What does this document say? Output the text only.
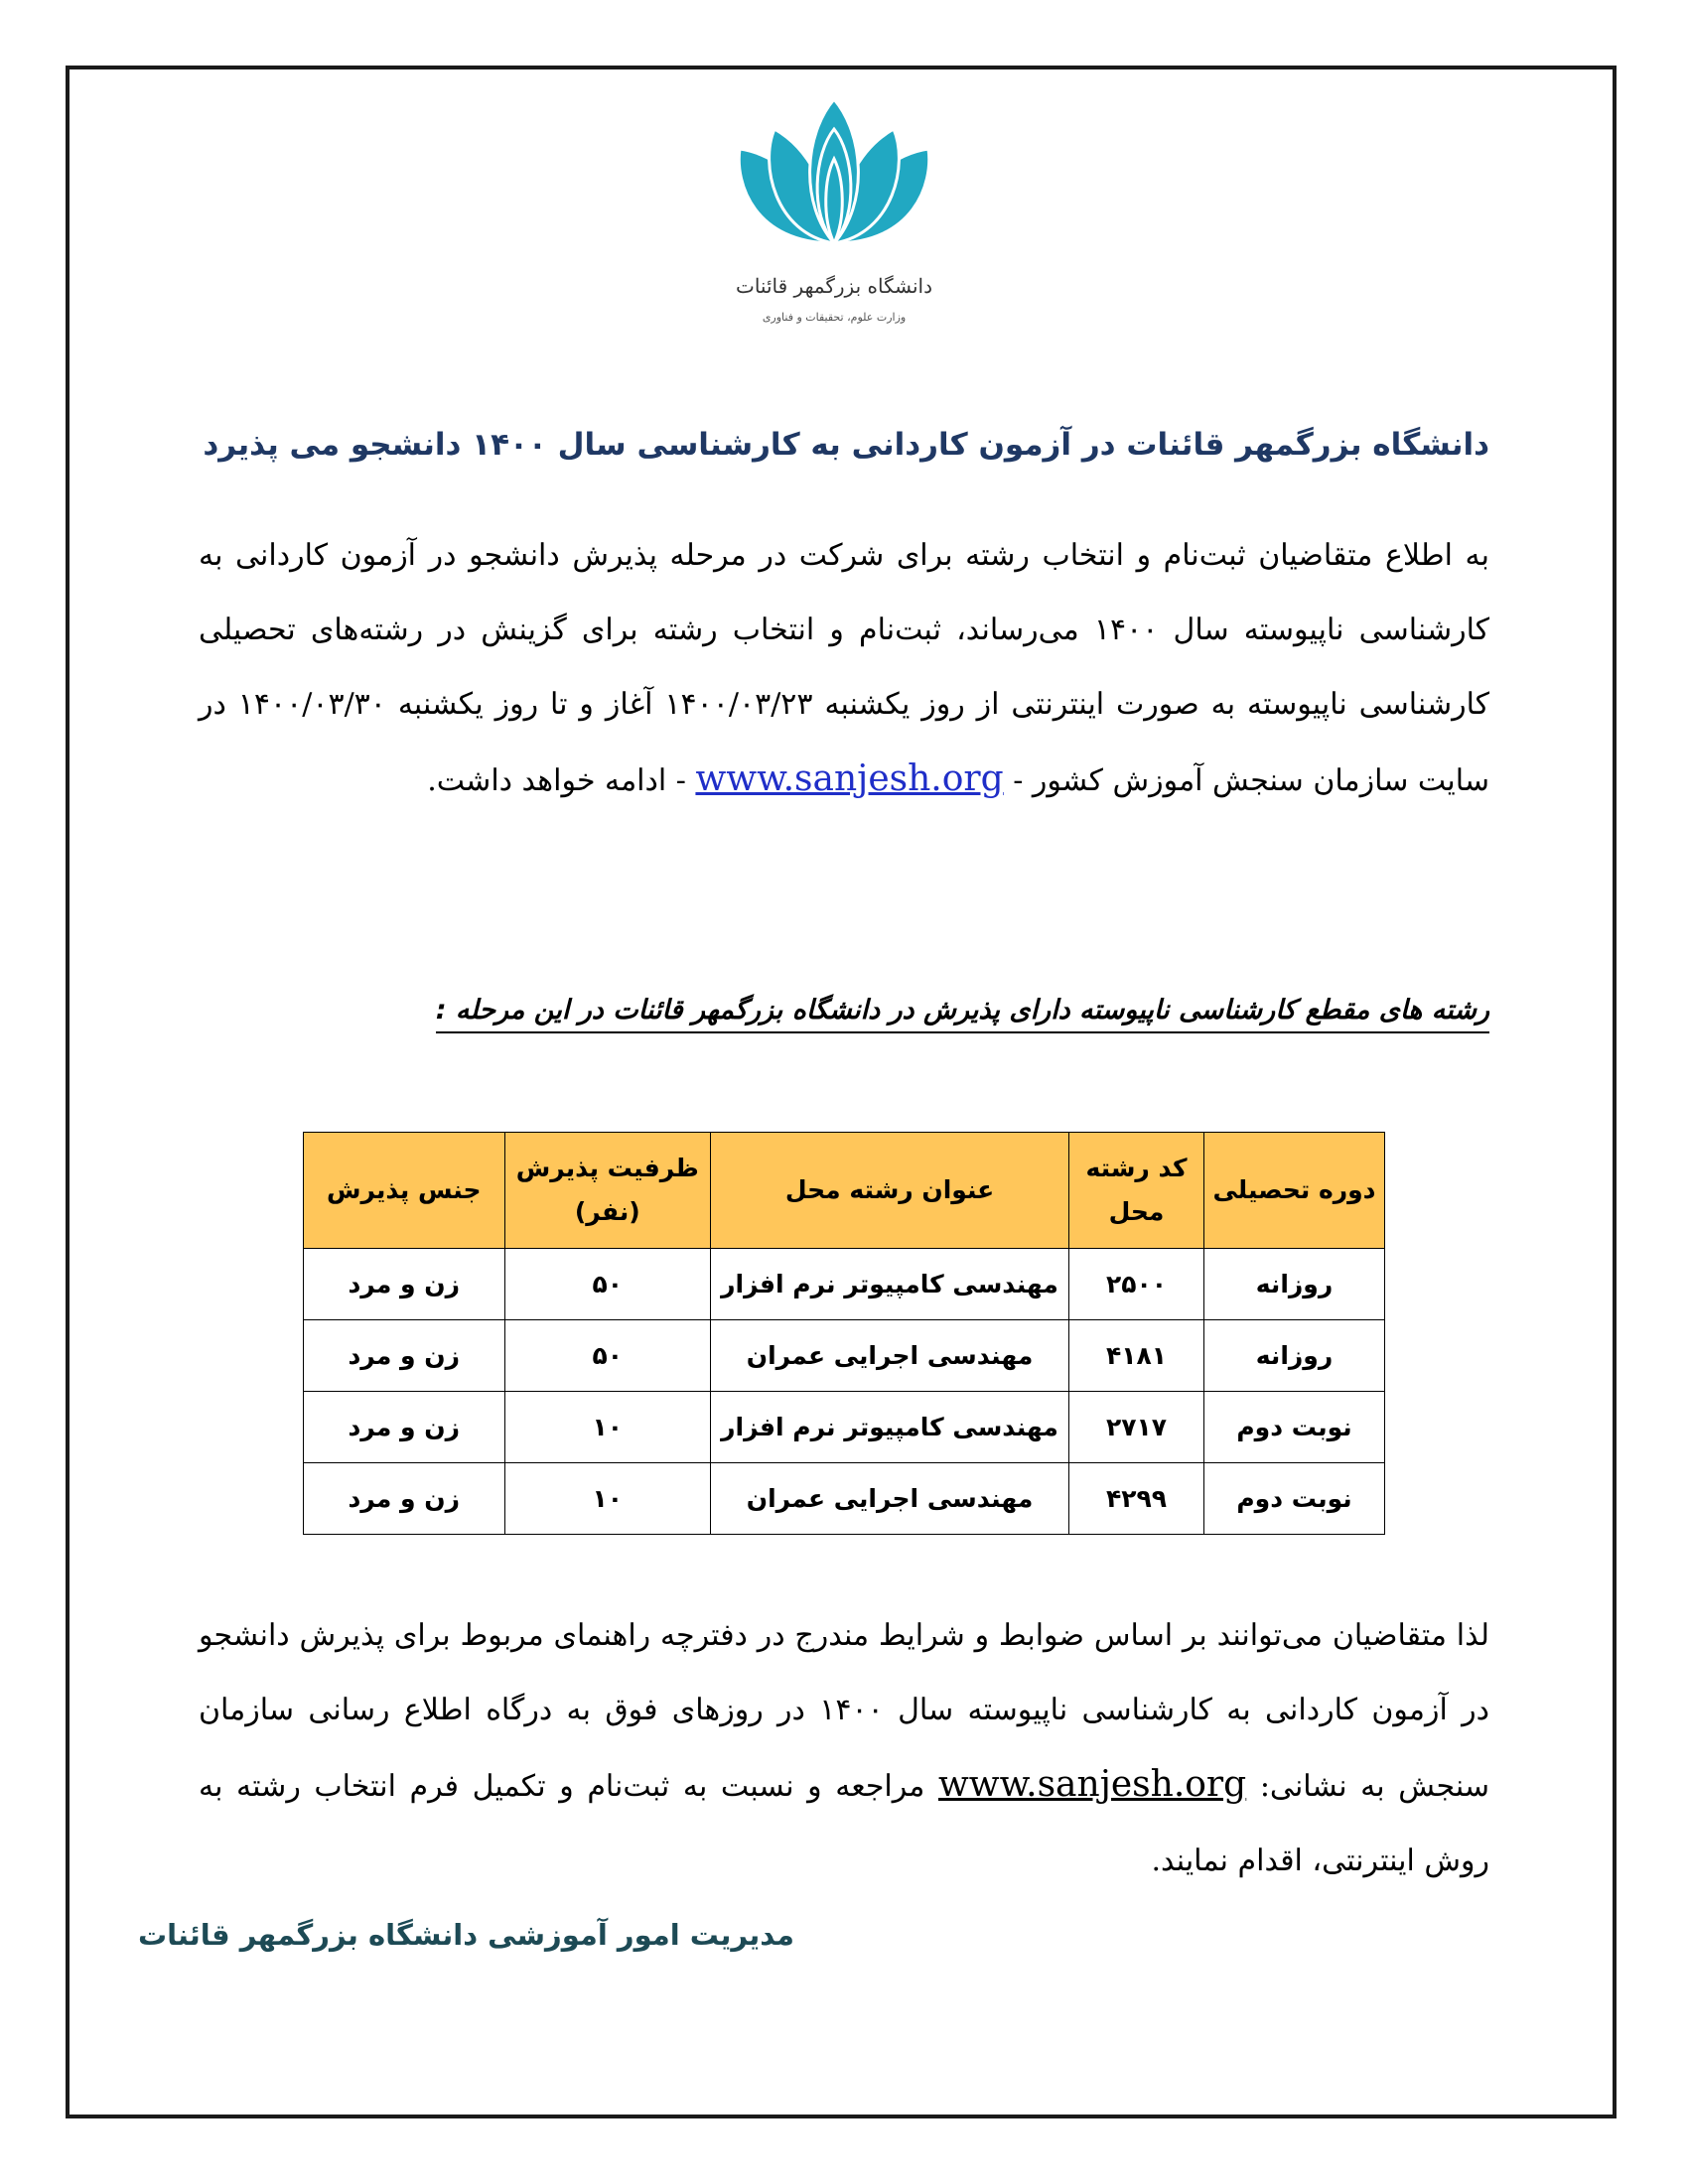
دانشگاه بزرگمهر قائنات
وزارت علوم، تحقیقات و فناوری
دانشگاه بزرگمهر قائنات در آزمون کاردانی به کارشناسی سال ۱۴۰۰ دانشجو می پذیرد
به اطلاع متقاضیان ثبت‌نام و انتخاب رشته برای شرکت در مرحله پذیرش دانشجو در آزمون کاردانی به کارشناسی ناپیوسته سال ۱۴۰۰ می‌رساند، ثبت‌نام و انتخاب رشته برای گزینش در رشته‌های تحصیلی کارشناسی ناپیوسته به صورت اینترنتی از روز یکشنبه ۱۴۰۰/۰۳/۲۳ آغاز و تا روز یکشنبه ۱۴۰۰/۰۳/۳۰ در سایت سازمان سنجش آموزش کشور - www.sanjesh.org - ادامه خواهد داشت.
رشته های مقطع کارشناسی ناپیوسته دارای پذیرش در دانشگاه بزرگمهر قائنات در این مرحله :
دوره تحصیلی	کد رشته محل	عنوان رشته محل	ظرفیت پذیرش (نفر)	جنس پذیرش
روزانه	۲۵۰۰	مهندسی کامپیوتر نرم افزار	۵۰	زن و مرد
روزانه	۴۱۸۱	مهندسی اجرایی عمران	۵۰	زن و مرد
نوبت دوم	۲۷۱۷	مهندسی کامپیوتر نرم افزار	۱۰	زن و مرد
نوبت دوم	۴۲۹۹	مهندسی اجرایی عمران	۱۰	زن و مرد
لذا متقاضیان می‌توانند بر اساس ضوابط و شرایط مندرج در دفترچه راهنمای مربوط برای پذیرش دانشجو در آزمون کاردانی به کارشناسی ناپیوسته سال ۱۴۰۰ در روزهای فوق به درگاه اطلاع رسانی سازمان سنجش به نشانی: www.sanjesh.org مراجعه و نسبت به ثبت‌نام و تکمیل فرم انتخاب رشته به روش اینترنتی، اقدام نمایند.
مدیریت امور آموزشی دانشگاه بزرگمهر قائنات
